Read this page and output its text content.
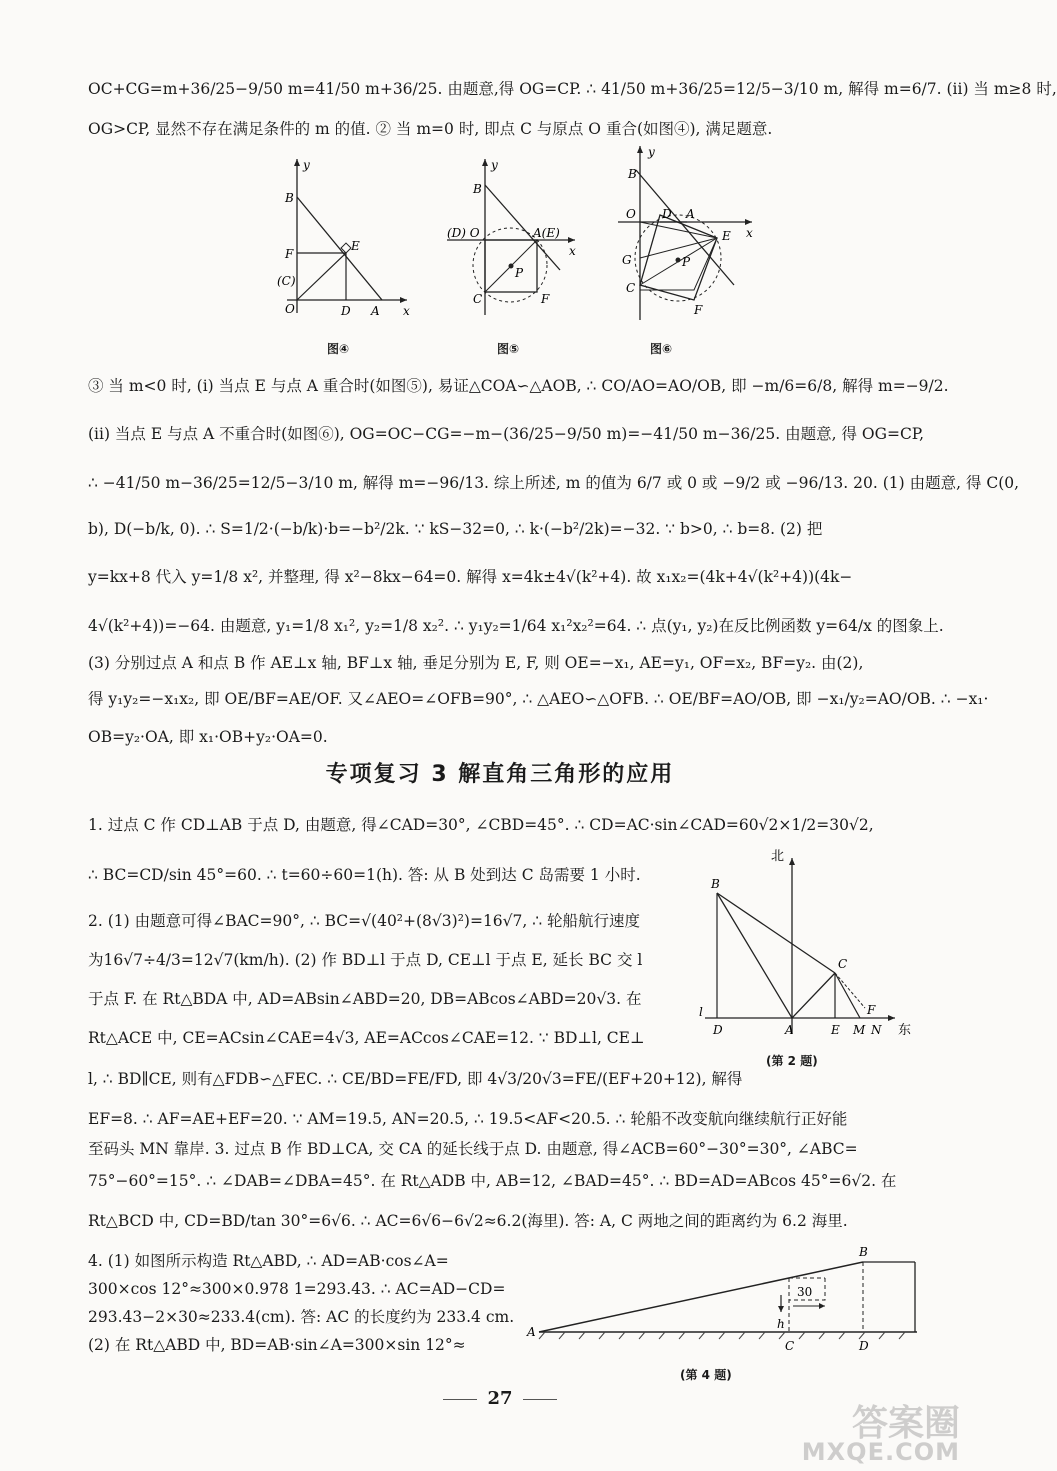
OC+CG=m+36/25−9/50 m=41/50 m+36/25. 由题意,得 OG=CP. ∴ 41/50 m+36/25=12/5−3/10 m, 解得 m=6/7. (ii) 当 m≥8 时,
OG>CP, 显然不存在满足条件的 m 的值. ② 当 m=0 时, 即点 C 与原点 O 重合(如图④), 满足题意.
y
x
O
B
F
E
(C)
D A
图④
y
x
(D) O	A(E)
B
C
P
F
图⑤
y
x
O D A
B
E
G	P
C
F
图⑥
③ 当 m<0 时, (i) 当点 E 与点 A 重合时(如图⑤), 易证△COA∽△AOB, ∴ CO/AO=AO/OB, 即 −m/6=6/8, 解得 m=−9/2.
(ii) 当点 E 与点 A 不重合时(如图⑥), OG=OC−CG=−m−(36/25−9/50 m)=−41/50 m−36/25. 由题意, 得 OG=CP,
∴ −41/50 m−36/25=12/5−3/10 m, 解得 m=−96/13. 综上所述, m 的值为 6/7 或 0 或 −9/2 或 −96/13. 20. (1) 由题意, 得 C(0,
b), D(−b/k, 0). ∴ S=1/2·(−b/k)·b=−b²/2k. ∵ kS−32=0, ∴ k·(−b²/2k)=−32. ∵ b>0, ∴ b=8. (2) 把
y=kx+8 代入 y=1/8 x², 并整理, 得 x²−8kx−64=0. 解得 x=4k±4√(k²+4). 故 x₁x₂=(4k+4√(k²+4))(4k−
4√(k²+4))=−64. 由题意, y₁=1/8 x₁², y₂=1/8 x₂². ∴ y₁y₂=1/64 x₁²x₂²=64. ∴ 点(y₁, y₂)在反比例函数 y=64/x 的图象上.
(3) 分别过点 A 和点 B 作 AE⊥x 轴, BF⊥x 轴, 垂足分别为 E, F, 则 OE=−x₁, AE=y₁, OF=x₂, BF=y₂. 由(2),
得 y₁y₂=−x₁x₂, 即 OE/BF=AE/OF. 又∠AEO=∠OFB=90°, ∴ △AEO∽△OFB. ∴ OE/BF=AO/OB, 即 −x₁/y₂=AO/OB. ∴ −x₁·
OB=y₂·OA, 即 x₁·OB+y₂·OA=0.
专项复习 3 解直角三角形的应用
1. 过点 C 作 CD⊥AB 于点 D, 由题意, 得∠CAD=30°, ∠CBD=45°. ∴ CD=AC·sin∠CAD=60√2×1/2=30√2,
∴ BC=CD/sin 45°=60. ∴ t=60÷60=1(h). 答: 从 B 处到达 C 岛需要 1 小时.
2. (1) 由题意可得∠BAC=90°, ∴ BC=√(40²+(8√3)²)=16√7, ∴ 轮船航行速度
为16√7÷4/3=12√7(km/h). (2) 作 BD⊥l 于点 D, CE⊥l 于点 E, 延长 BC 交 l
于点 F. 在 Rt△BDA 中, AD=ABsin∠ABD=20, DB=ABcos∠ABD=20√3. 在
Rt△ACE 中, CE=ACsin∠CAE=4√3, AE=ACcos∠CAE=12. ∵ BD⊥l, CE⊥
l, ∴ BD∥CE, 则有△FDB∽△FEC. ∴ CE/BD=FE/FD, 即 4√3/20√3=FE/(EF+20+12), 解得
北
东
B
C
l
D	A	E M N
F
(第 2 题)
EF=8. ∴ AF=AE+EF=20. ∵ AM=19.5, AN=20.5, ∴ 19.5<AF<20.5. ∴ 轮船不改变航向继续航行正好能
至码头 MN 靠岸. 3. 过点 B 作 BD⊥CA, 交 CA 的延长线于点 D. 由题意, 得∠ACB=60°−30°=30°, ∠ABC=
75°−60°=15°. ∴ ∠DAB=∠DBA=45°. 在 Rt△ADB 中, AB=12, ∠BAD=45°. ∴ BD=AD=ABcos 45°=6√2. 在
Rt△BCD 中, CD=BD/tan 30°=6√6. ∴ AC=6√6−6√2≈6.2(海里). 答: A, C 两地之间的距离约为 6.2 海里.
4. (1) 如图所示构造 Rt△ABD, ∴ AD=AB·cos∠A=
300×cos 12°≈300×0.978 1=293.43. ∴ AC=AD−CD=
293.43−2×30≈233.4(cm). 答: AC 的长度约为 233.4 cm.
(2) 在 Rt△ABD 中, BD=AB·sin∠A=300×sin 12°≈
A
B
C	D
h
30
(第 4 题)
27
答案圈
MXQE.COM
